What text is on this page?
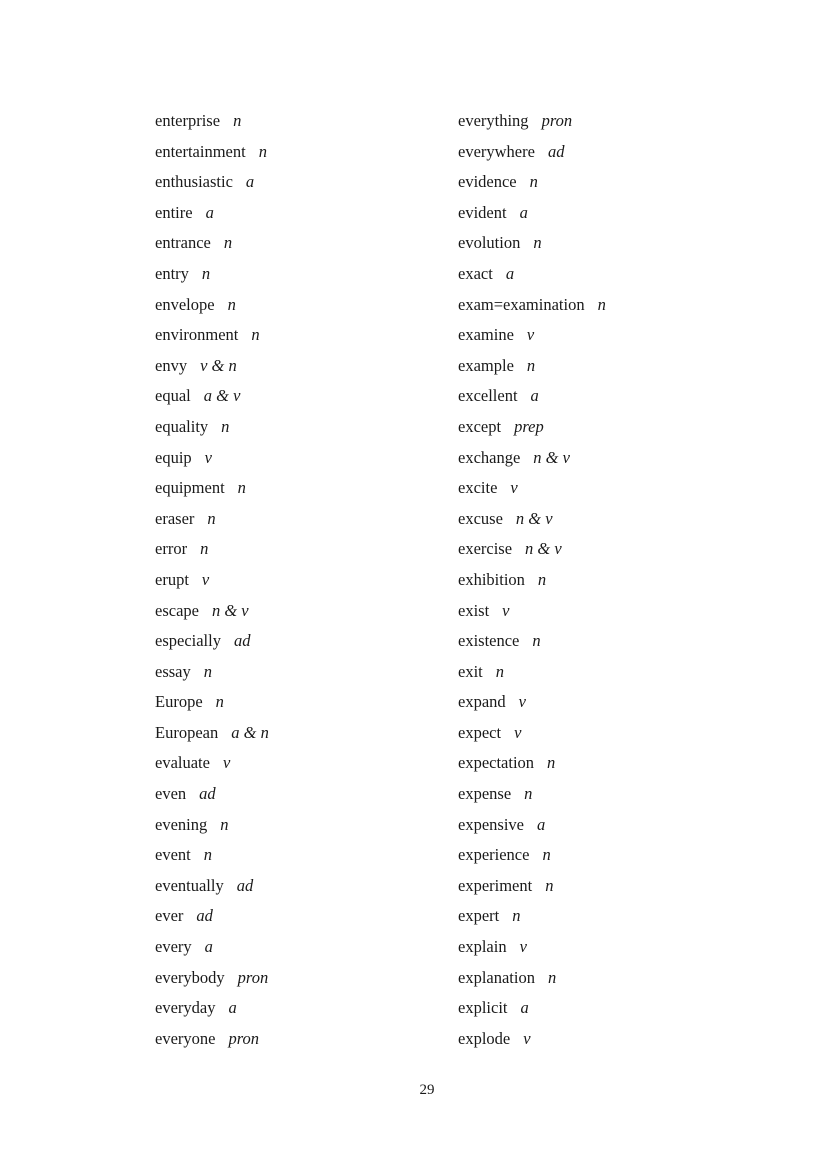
enterprise n
entertainment n
enthusiastic a
entire a
entrance n
entry n
envelope n
environment n
envy v & n
equal a & v
equality n
equip v
equipment n
eraser n
error n
erupt v
escape n & v
especially ad
essay n
Europe n
European a & n
evaluate v
even ad
evening n
event n
eventually ad
ever ad
every a
everybody pron
everyday a
everyone pron
everything pron
everywhere ad
evidence n
evident a
evolution n
exact a
exam=examination n
examine v
example n
excellent a
except prep
exchange n & v
excite v
excuse n & v
exercise n & v
exhibition n
exist v
existence n
exit n
expand v
expect v
expectation n
expense n
expensive a
experience n
experiment n
expert n
explain v
explanation n
explicit a
explode v
29
